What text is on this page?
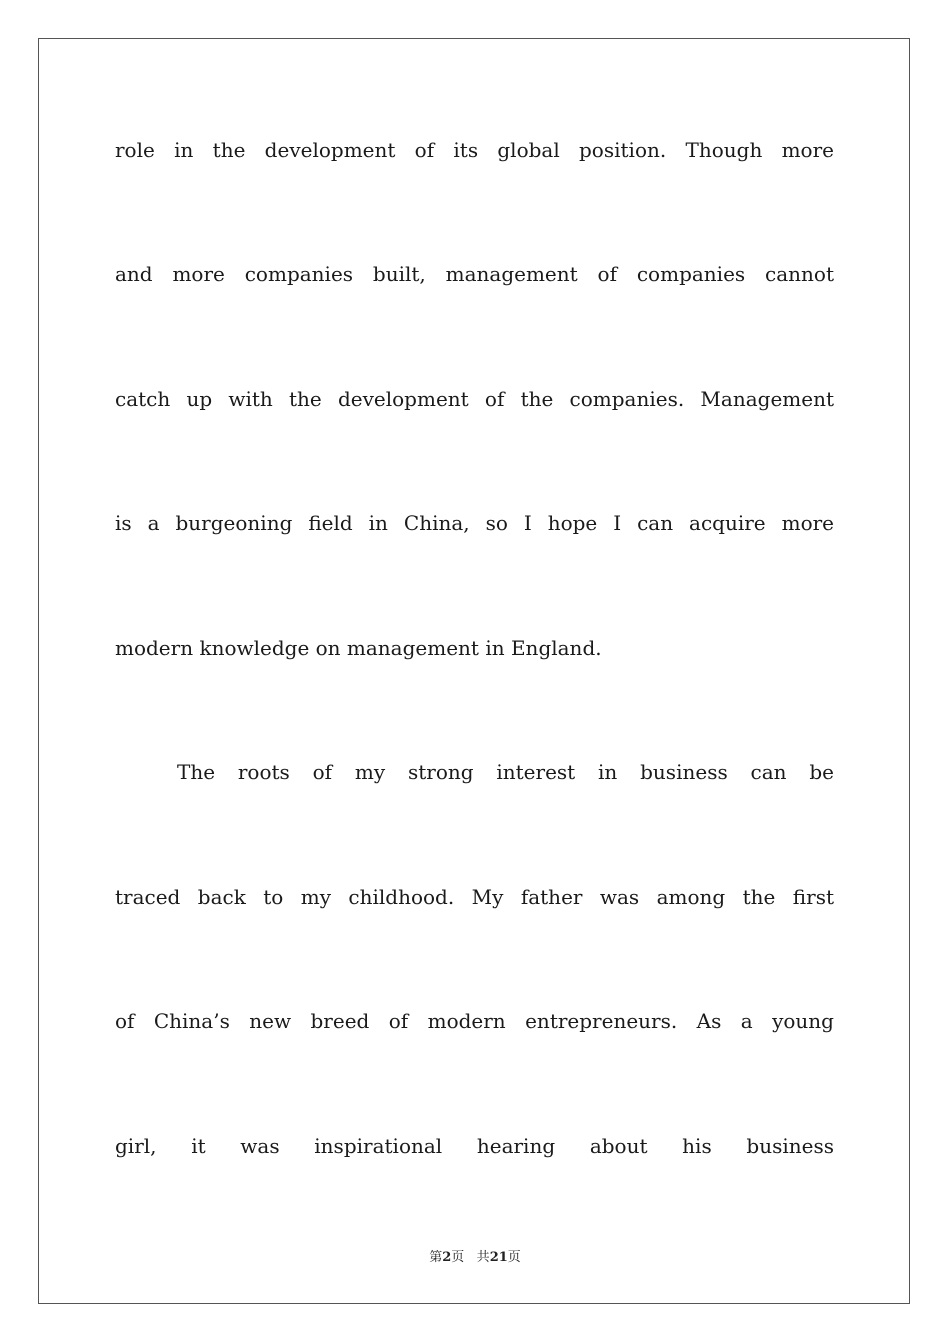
role in the development of its global position. Though more
and more companies built, management of companies cannot
catch up with the development of the companies. Management
is a burgeoning field in China, so I hope I can acquire more
modern knowledge on management in England.
The roots of my strong interest in business can be
traced back to my childhood. My father was among the first
of China’s new breed of modern entrepreneurs. As a young
girl, it was inspirational hearing about his business
第2页 共21页
